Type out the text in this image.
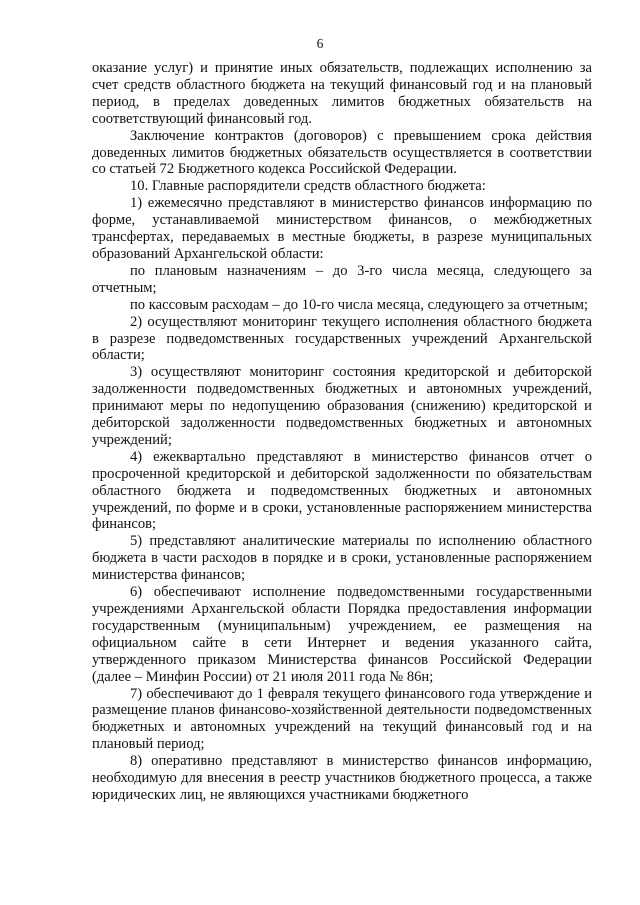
6

оказание услуг) и принятие иных обязательств, подлежащих исполнению за счет средств областного бюджета на текущий финансовый год и на плановый период, в пределах доведенных лимитов бюджетных обязательств на соответствующий финансовый год.

Заключение контрактов (договоров) с превышением срока действия доведенных лимитов бюджетных обязательств осуществляется в соответствии со статьей 72 Бюджетного кодекса Российской Федерации.

10. Главные распорядители средств областного бюджета:

1) ежемесячно представляют в министерство финансов информацию по форме, устанавливаемой министерством финансов, о межбюджетных трансфертах, передаваемых в местные бюджеты, в разрезе муниципальных образований Архангельской области:

по плановым назначениям – до 3-го числа месяца, следующего за отчетным;

по кассовым расходам – до 10-го числа месяца, следующего за отчетным;

2) осуществляют мониторинг текущего исполнения областного бюджета в разрезе подведомственных государственных учреждений Архангельской области;

3) осуществляют мониторинг состояния кредиторской и дебиторской задолженности подведомственных бюджетных и автономных учреждений, принимают меры по недопущению образования (снижению) кредиторской и дебиторской задолженности подведомственных бюджетных и автономных учреждений;

4) ежеквартально представляют в министерство финансов отчет о просроченной кредиторской и дебиторской задолженности по обязательствам областного бюджета и подведомственных бюджетных и автономных учреждений, по форме и в сроки, установленные распоряжением министерства финансов;

5) представляют аналитические материалы по исполнению областного бюджета в части расходов в порядке и в сроки, установленные распоряжением министерства финансов;

6) обеспечивают исполнение подведомственными государственными учреждениями Архангельской области Порядка предоставления информации государственным (муниципальным) учреждением, ее размещения на официальном сайте в сети Интернет и ведения указанного сайта, утвержденного приказом Министерства финансов Российской Федерации (далее – Минфин России) от 21 июля 2011 года № 86н;

7) обеспечивают до 1 февраля текущего финансового года утверждение и размещение планов финансово-хозяйственной деятельности подведомственных бюджетных и автономных учреждений на текущий финансовый год и на плановый период;

8) оперативно представляют в министерство финансов информацию, необходимую для внесения в реестр участников бюджетного процесса, а также юридических лиц, не являющихся участниками бюджетного
